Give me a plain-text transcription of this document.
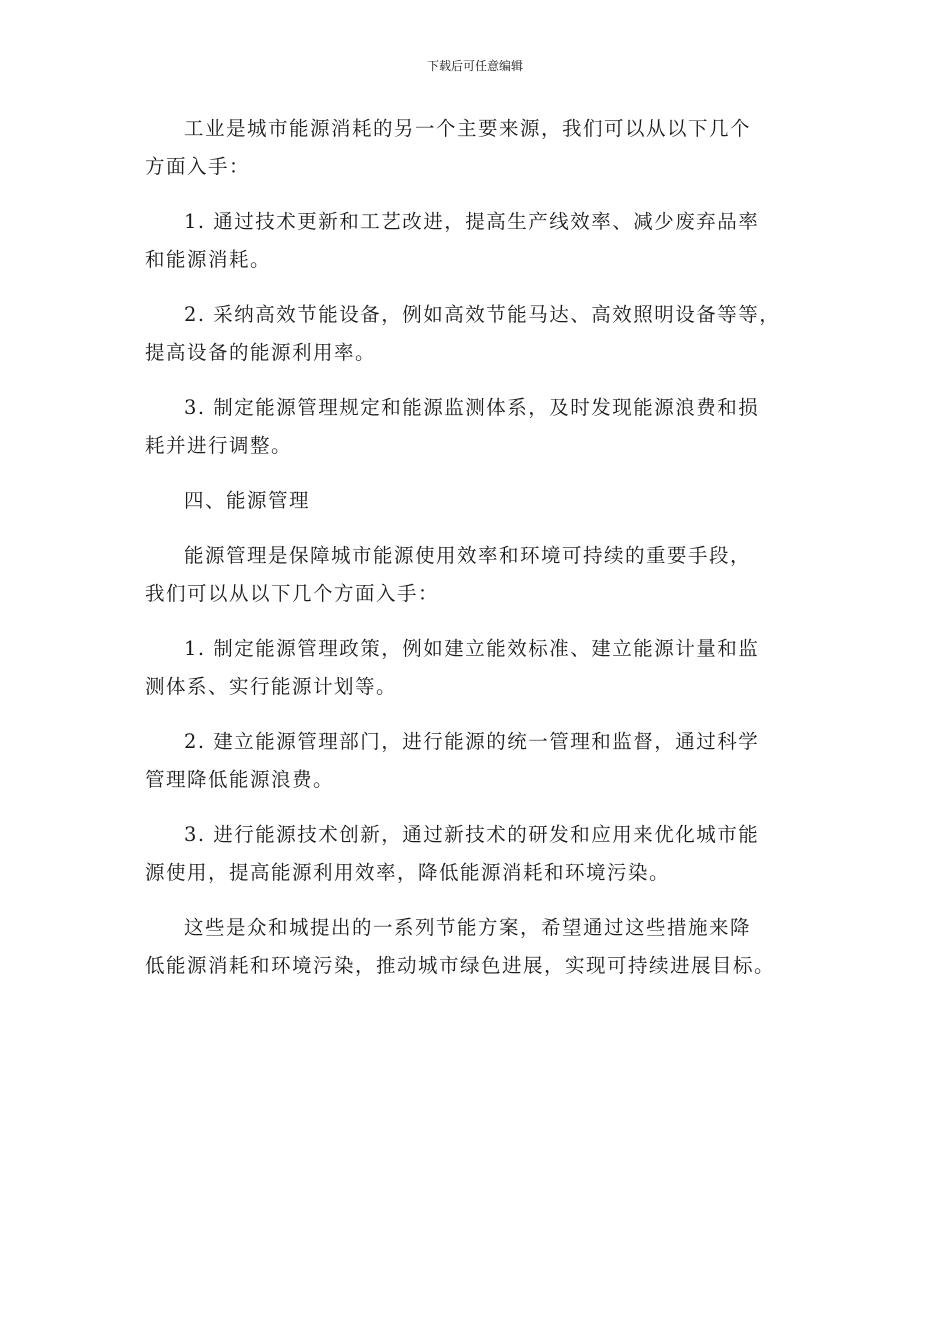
下载后可任意编辑

工业是城市能源消耗的另一个主要来源，我们可以从以下几个
方面入手：

1. 通过技术更新和工艺改进，提高生产线效率、减少废弃品率
和能源消耗。

2. 采纳高效节能设备，例如高效节能马达、高效照明设备等等，
提高设备的能源利用率。

3. 制定能源管理规定和能源监测体系，及时发现能源浪费和损
耗并进行调整。

四、能源管理

能源管理是保障城市能源使用效率和环境可持续的重要手段，
我们可以从以下几个方面入手：

1. 制定能源管理政策，例如建立能效标准、建立能源计量和监
测体系、实行能源计划等。

2. 建立能源管理部门，进行能源的统一管理和监督，通过科学
管理降低能源浪费。

3. 进行能源技术创新，通过新技术的研发和应用来优化城市能
源使用，提高能源利用效率，降低能源消耗和环境污染。

这些是众和城提出的一系列节能方案，希望通过这些措施来降
低能源消耗和环境污染，推动城市绿色进展，实现可持续进展目标。
